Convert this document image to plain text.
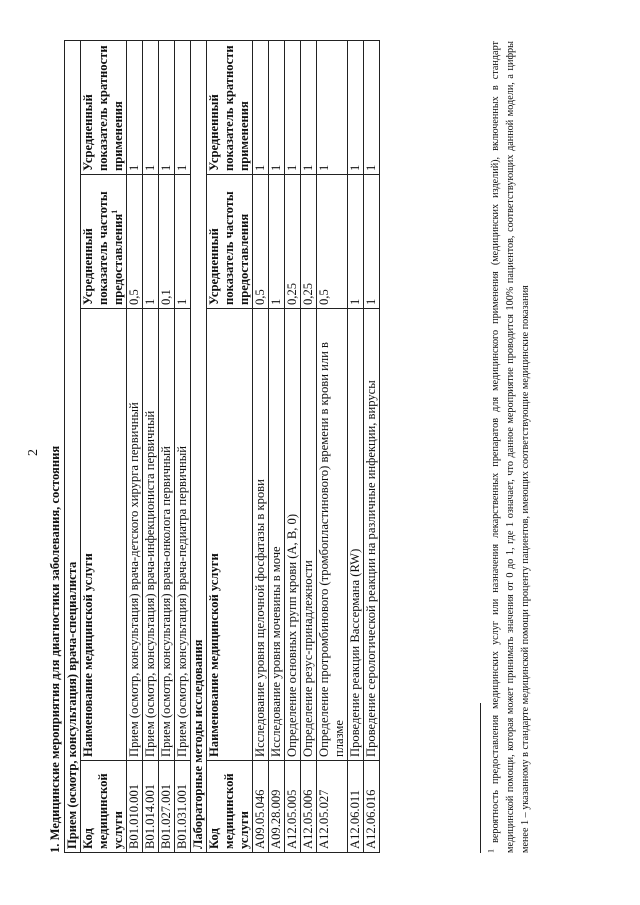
2 1. Медицинские мероприятия для диагностики заболевания, состояния Прием (осмотр, консультация) врача-специалиста			
Код медицинской услуги	Наименование медицинской услуги	Усредненный показатель частоты предоставления$^1$	Усредненный показатель кратности применения
B01.010.001	Прием (осмотр, консультация) врача-детского хирурга первичный	0,5	1
B01.014.001	Прием (осмотр, консультация) врача-инфекциониста первичный	1	1
B01.027.001	Прием (осмотр, консультация) врача-онколога первичный	0,1	1
B01.031.001	Прием (осмотр, консультация) врача-педиатра первичный	1	1
Лабораторные методы исследования			
Код медицинской услуги	Наименование медицинской услуги	Усредненный показатель частоты предоставления	Усредненный показатель кратности применения
A09.05.046	Исследование уровня щелочной фосфатазы в крови	0,5	1
A09.28.009	Исследование уровня мочевины в моче	1	1
A12.05.005	Определение основных групп крови (A, B, 0)	0,25	1
A12.05.006	Определение резус-принадлежности	0,25	1
A12.05.027	Определение протромбинового (тромбопластинового) времени в крови или в плазме	0,5	1
A12.06.011	Проведение реакции Вассермана (RW)	1	1
A12.06.016	Проведение серологической реакции на различные инфекции, вирусы	1	1
$^1$ вероятность предоставления медицинских услуг или назначения лекарственных препаратов для медицинского применения (медицинских изделий), включенных в стандарт медицинской помощи, которая может принимать значения от 0 до 1, где 1 означает, что данное мероприятие проводится 100% пациентов, соответствующих данной модели, а цифры менее 1 – указанному в стандарте медицинской помощи проценту пациентов, имеющих соответствующие медицинские показания
